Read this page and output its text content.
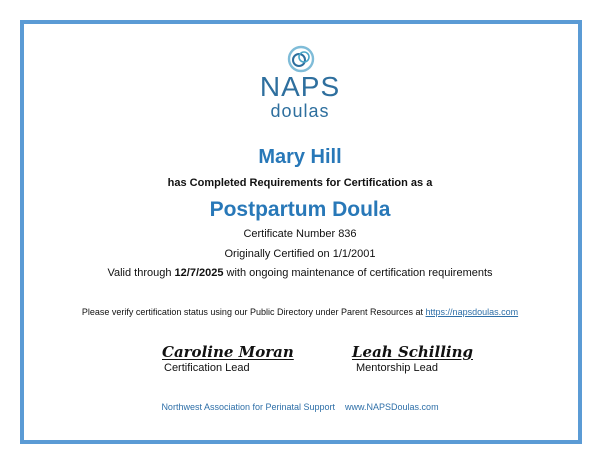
NAPS
doulas
Mary Hill
has Completed Requirements for Certification as a
Postpartum Doula
Certificate Number 836
Originally Certified on 1/1/2001
Valid through 12/7/2025 with ongoing maintenance of certification requirements
Please verify certification status using our Public Directory under Parent Resources at https://napsdoulas.com
Caroline Moran
Certification Lead
Leah Schilling
Mentorship Lead
Northwest Association for Perinatal Support www.NAPSDoulas.com
